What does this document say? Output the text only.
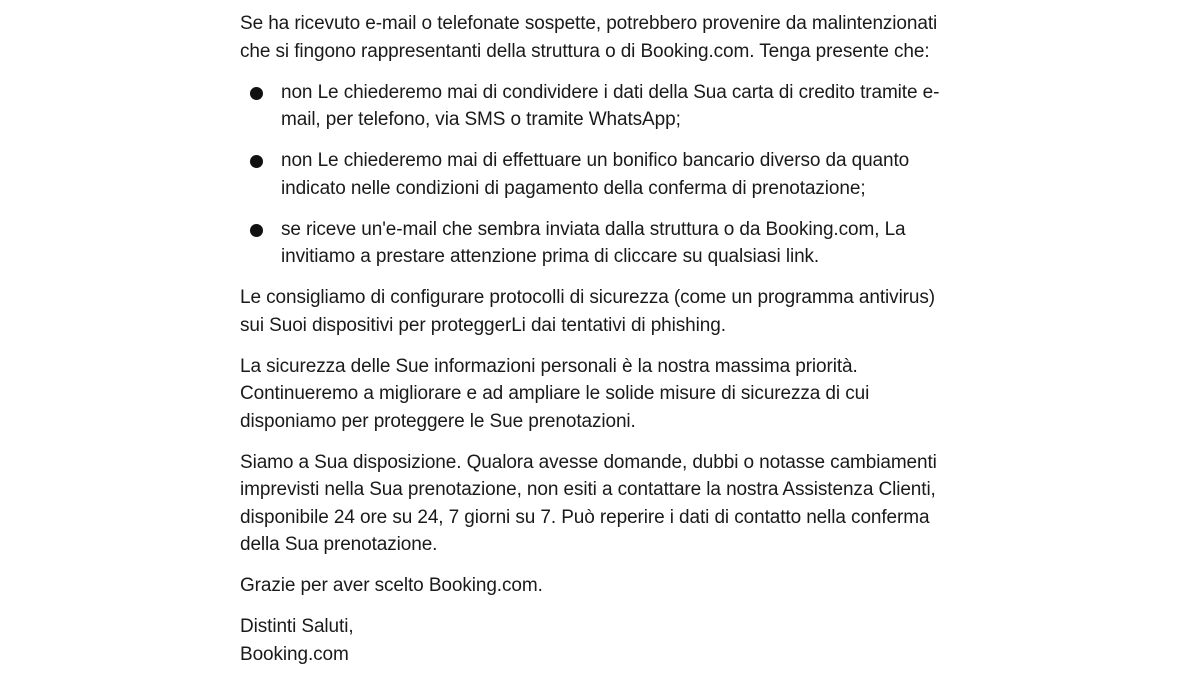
Se ha ricevuto e-mail o telefonate sospette, potrebbero provenire da malintenzionati che si fingono rappresentanti della struttura o di Booking.com. Tenga presente che:

non Le chiederemo mai di condividere i dati della Sua carta di credito tramite e-mail, per telefono, via SMS o tramite WhatsApp;
non Le chiederemo mai di effettuare un bonifico bancario diverso da quanto indicato nelle condizioni di pagamento della conferma di prenotazione;
se riceve un'e-mail che sembra inviata dalla struttura o da Booking.com, La invitiamo a prestare attenzione prima di cliccare su qualsiasi link.

Le consigliamo di configurare protocolli di sicurezza (come un programma antivirus) sui Suoi dispositivi per proteggerLi dai tentativi di phishing.

La sicurezza delle Sue informazioni personali è la nostra massima priorità. Continueremo a migliorare e ad ampliare le solide misure di sicurezza di cui disponiamo per proteggere le Sue prenotazioni.

Siamo a Sua disposizione. Qualora avesse domande, dubbi o notasse cambiamenti imprevisti nella Sua prenotazione, non esiti a contattare la nostra Assistenza Clienti, disponibile 24 ore su 24, 7 giorni su 7. Può reperire i dati di contatto nella conferma della Sua prenotazione.

Grazie per aver scelto Booking.com.

Distinti Saluti,
Booking.com
